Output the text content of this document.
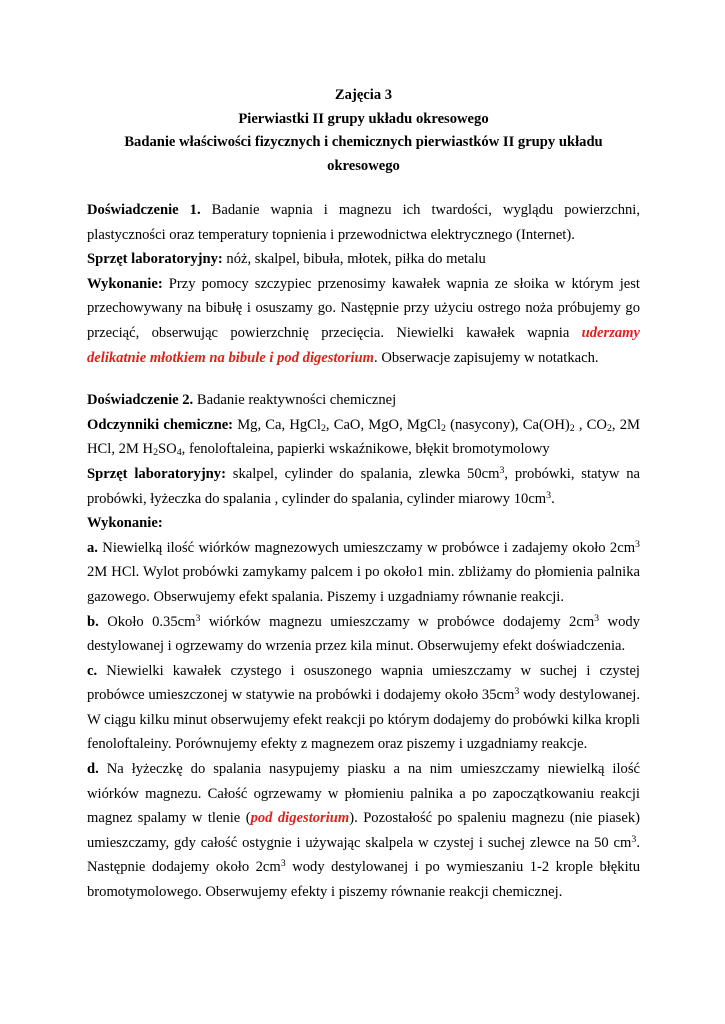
Zajęcia 3
Pierwiastki II grupy układu okresowego
Badanie właściwości fizycznych i chemicznych pierwiastków II grupy układu
okresowego

Doświadczenie 1. Badanie wapnia i magnezu ich twardości, wyglądu powierzchni, plastyczności oraz temperatury topnienia i przewodnictwa elektrycznego (Internet).

Sprzęt laboratoryjny: nóż, skalpel, bibuła, młotek, piłka do metalu

Wykonanie: Przy pomocy szczypiec przenosimy kawałek wapnia ze słoika w którym jest przechowywany na bibułę i osuszamy go. Następnie przy użyciu ostrego noża próbujemy go przeciąć, obserwując powierzchnię przecięcia. Niewielki kawałek wapnia uderzamy delikatnie młotkiem na bibule i pod digestorium. Obserwacje zapisujemy w notatkach.

Doświadczenie 2. Badanie reaktywności chemicznej

Odczynniki chemiczne: Mg, Ca, HgCl$_2$, CaO, MgO, MgCl$_2$ (nasycony), $Ca(OH)_2$ , $CO_2$, 2M HCl, 2M $H_2SO_4$, fenoloftaleina, papierki wskaźnikowe, błękit bromotymolowy

Sprzęt laboratoryjny: skalpel, cylinder do spalania, zlewka $50cm^3$, probówki, statyw na probówki, łyżeczka do spalania , cylinder do spalania, cylinder miarowy $10cm^3$.

Wykonanie:

a. Niewielką ilość wiórków magnezowych umieszczamy w probówce i zadajemy około $2cm^3$ 2M HCl. Wylot probówki zamykamy palcem i po około1 min. zbliżamy do płomienia palnika gazowego. Obserwujemy efekt spalania. Piszemy i uzgadniamy równanie reakcji.

b. Około $0.35cm^3$ wiórków magnezu umieszczamy w probówce dodajemy $2cm^3$ wody destylowanej i ogrzewamy do wrzenia przez kila minut. Obserwujemy efekt doświadczenia.

c. Niewielki kawałek czystego i osuszonego wapnia umieszczamy w suchej i czystej probówce umieszczonej w statywie na probówki i dodajemy około $35cm^3$ wody destylowanej. W ciągu kilku minut obserwujemy efekt reakcji po którym dodajemy do probówki kilka kropli fenoloftaleiny. Porównujemy efekty z magnezem oraz piszemy i uzgadniamy reakcje.

d. Na łyżeczkę do spalania nasypujemy piasku a na nim umieszczamy niewielką ilość wiórków magnezu. Całość ogrzewamy w płomieniu palnika a po zapoczątkowaniu reakcji magnez spalamy w tlenie (pod digestorium). Pozostałość po spaleniu magnezu (nie piasek) umieszczamy, gdy całość ostygnie i używając skalpela w czystej i suchej zlewce na 50 $cm^3$. Następnie dodajemy około $2cm^3$ wody destylowanej i po wymieszaniu 1-2 krople błękitu bromotymolowego. Obserwujemy efekty i piszemy równanie reakcji chemicznej.
